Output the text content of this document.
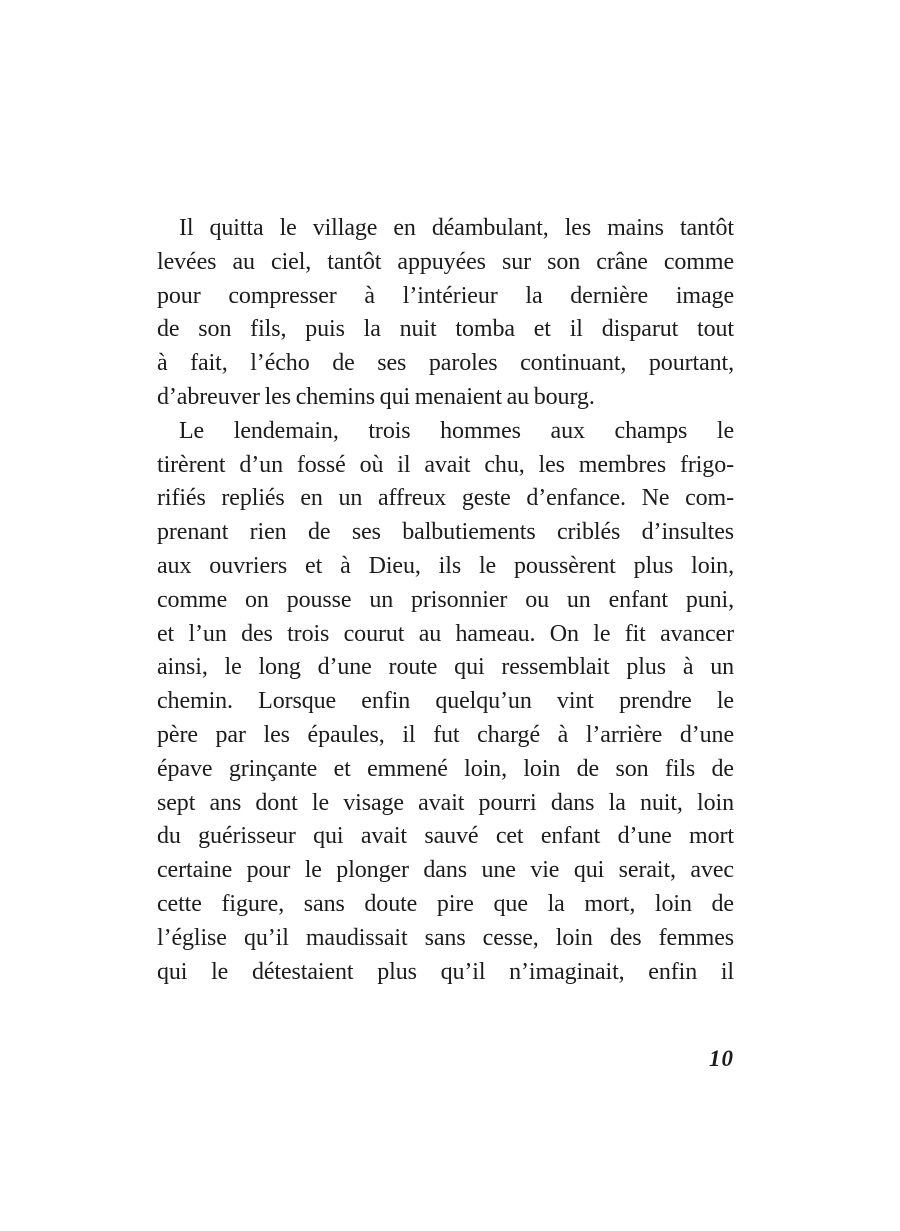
Il quitta le village en déambulant, les mains tantôt
levées au ciel, tantôt appuyées sur son crâne comme
pour compresser à l’intérieur la dernière image
de son fils, puis la nuit tomba et il disparut tout
à fait, l’écho de ses paroles continuant, pourtant,
d’abreuver les chemins qui menaient au bourg.
Le lendemain, trois hommes aux champs le
tirèrent d’un fossé où il avait chu, les membres frigo-
rifiés repliés en un affreux geste d’enfance. Ne com-
prenant rien de ses balbutiements criblés d’insultes
aux ouvriers et à Dieu, ils le poussèrent plus loin,
comme on pousse un prisonnier ou un enfant puni,
et l’un des trois courut au hameau. On le fit avancer
ainsi, le long d’une route qui ressemblait plus à un
chemin. Lorsque enfin quelqu’un vint prendre le
père par les épaules, il fut chargé à l’arrière d’une
épave grinçante et emmené loin, loin de son fils de
sept ans dont le visage avait pourri dans la nuit, loin
du guérisseur qui avait sauvé cet enfant d’une mort
certaine pour le plonger dans une vie qui serait, avec
cette figure, sans doute pire que la mort, loin de
l’église qu’il maudissait sans cesse, loin des femmes
qui le détestaient plus qu’il n’imaginait, enfin il
10
